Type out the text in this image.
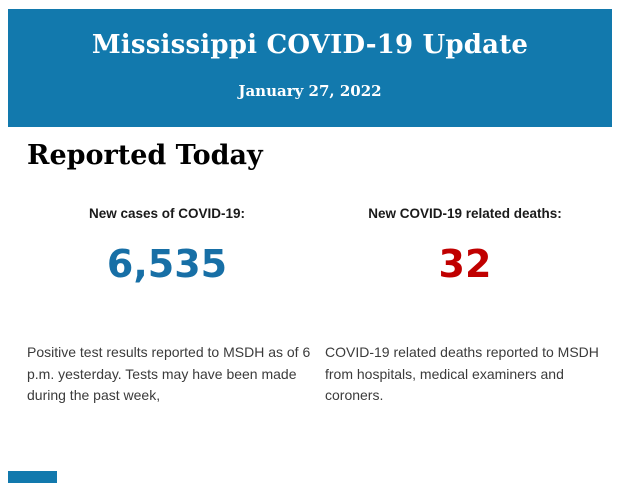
Mississippi COVID-19 Update
January 27, 2022
Reported Today
New cases of COVID-19:
6,535
New COVID-19 related deaths:
32
Positive test results reported to MSDH as of 6 p.m. yesterday. Tests may have been made during the past week,
COVID-19 related deaths reported to MSDH from hospitals, medical examiners and coroners.
